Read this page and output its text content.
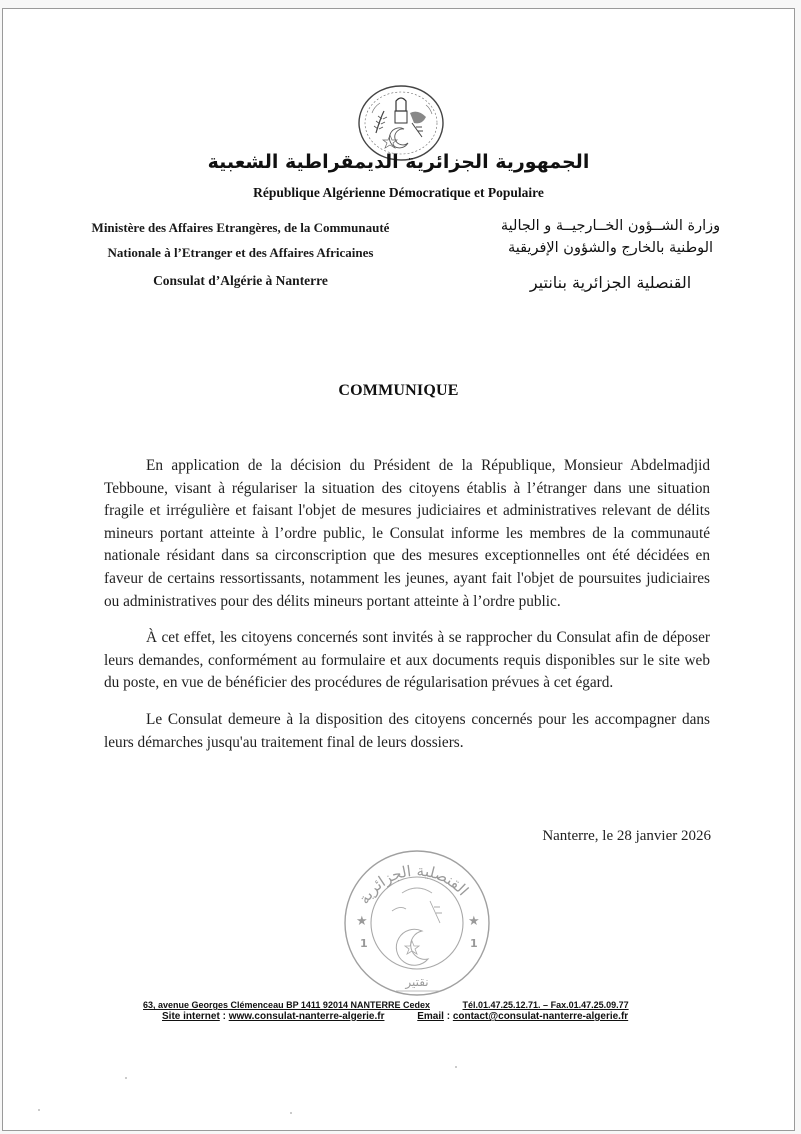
الجمهورية الجزائرية الديمقراطية الشعبية
République Algérienne Démocratique et Populaire
Ministère des Affaires Etrangères, de la Communauté
Nationale à l’Etranger et des Affaires Africaines
Consulat d’Algérie à Nanterre
وزارة الشــؤون الخــارجيــة و الجالية
الوطنية بالخارج والشؤون الإفريقية
القنصلية الجزائرية بنانتير
COMMUNIQUE

En application de la décision du Président de la République, Monsieur Abdelmadjid Tebboune, visant à régulariser la situation des citoyens établis à l’étranger dans une situation fragile et irrégulière et faisant l'objet de mesures judiciaires et administratives relevant de délits mineurs portant atteinte à l’ordre public, le Consulat informe les membres de la communauté nationale résidant dans sa circonscription que des mesures exceptionnelles ont été décidées en faveur de certains ressortissants, notamment les jeunes, ayant fait l'objet de poursuites judiciaires ou administratives pour des délits mineurs portant atteinte à l’ordre public.

À cet effet, les citoyens concernés sont invités à se rapprocher du Consulat afin de déposer leurs demandes, conformément au formulaire et aux documents requis disponibles sur le site web du poste, en vue de bénéficier des procédures de régularisation prévues à cet égard.

Le Consulat demeure à la disposition des citoyens concernés pour les accompagner dans leurs démarches jusqu'au traitement final de leurs dossiers.

Nanterre, le 28 janvier 2026
القنصلية الجزائرية
★	★
1	1
نقتير
63, avenue Georges Clémenceau BP 1411 92014 NANTERRE Cedex	Tél.01.47.25.12.71. – Fax.01.47.25.09.77
Site internet : www.consulat-nanterre-algerie.fr	Email : contact@consulat-nanterre-algerie.fr
